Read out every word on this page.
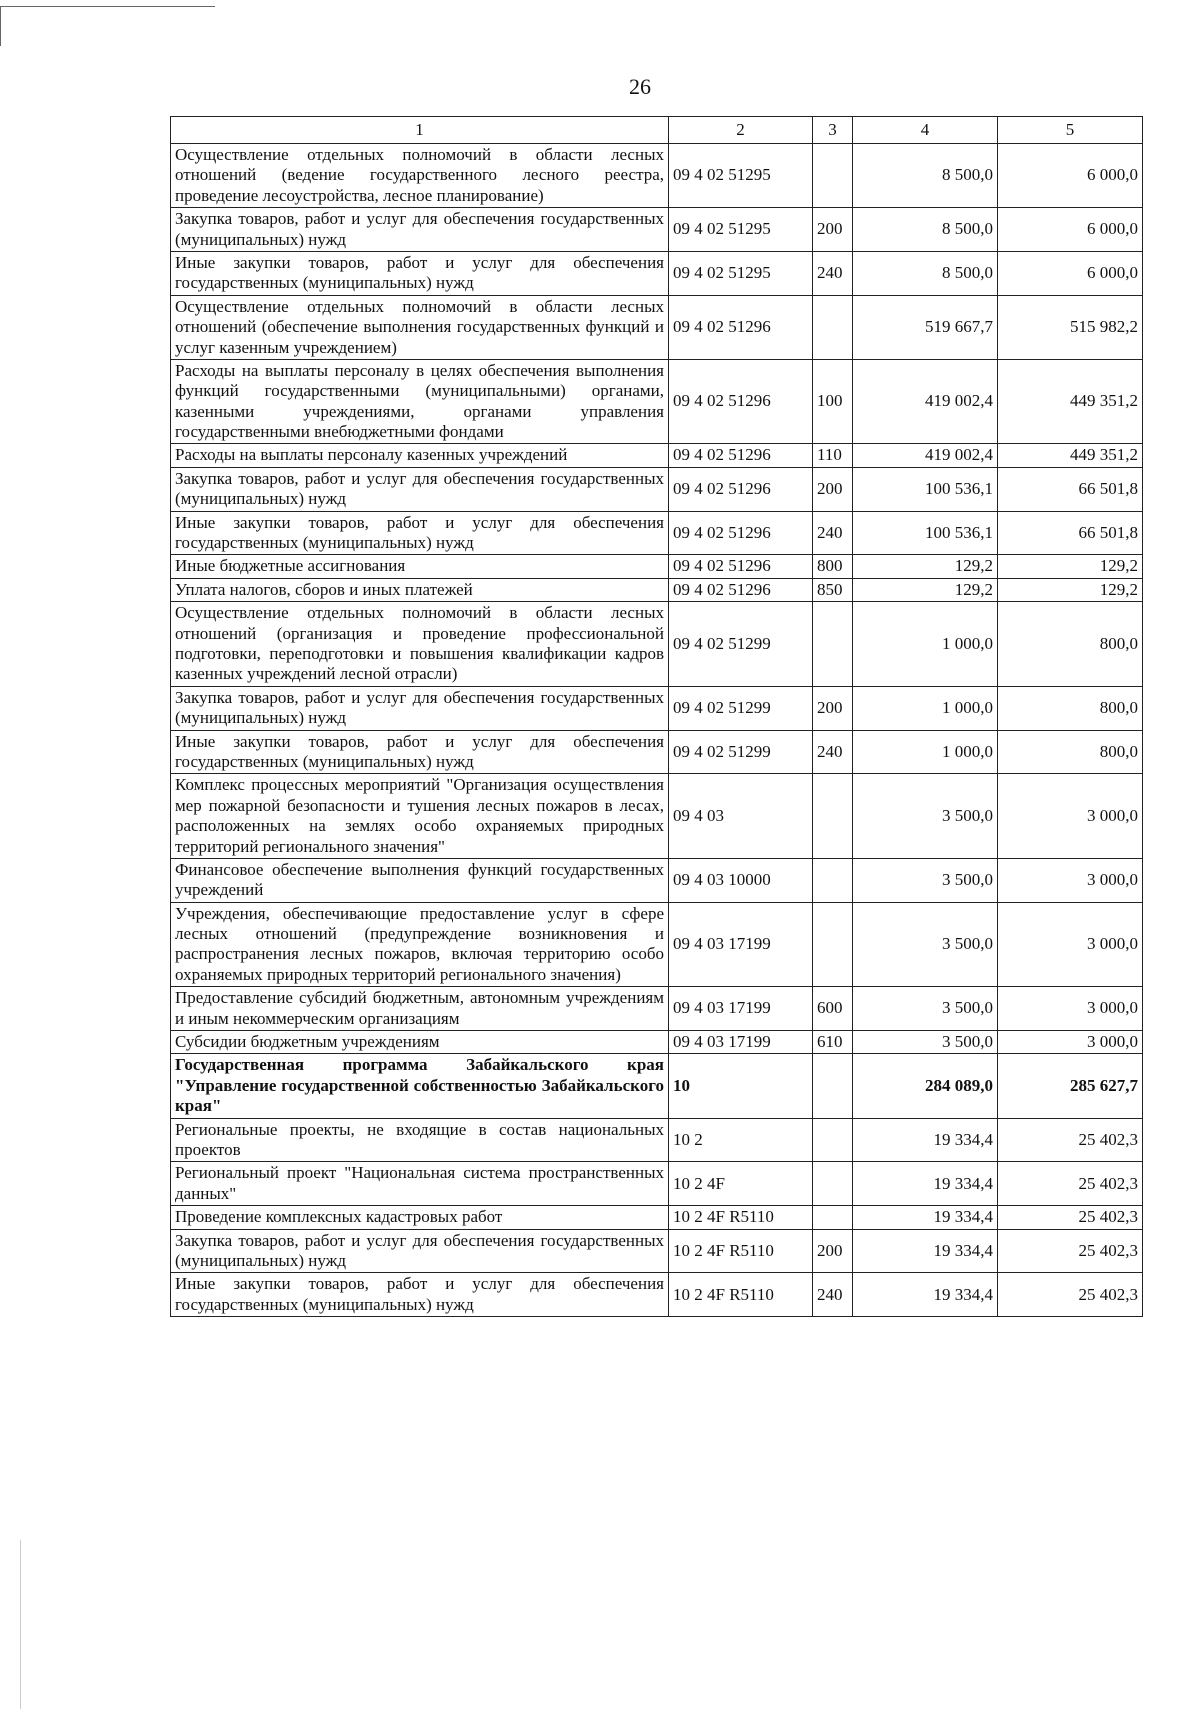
26
1	2	3	4	5
Осуществление отдельных полномочий в области лесных отношений (ведение государственного лесного реестра, проведение лесоустройства, лесное планирование)	09 4 02 51295		8 500,0	6 000,0
Закупка товаров, работ и услуг для обеспечения государственных (муниципальных) нужд	09 4 02 51295	200	8 500,0	6 000,0
Иные закупки товаров, работ и услуг для обеспечения государственных (муниципальных) нужд	09 4 02 51295	240	8 500,0	6 000,0
Осуществление отдельных полномочий в области лесных отношений (обеспечение выполнения государственных функций и услуг казенным учреждением)	09 4 02 51296		519 667,7	515 982,2
Расходы на выплаты персоналу в целях обеспечения выполнения функций государственными (муниципальными) органами, казенными учреждениями, органами управления государственными внебюджетными фондами	09 4 02 51296	100	419 002,4	449 351,2
Расходы на выплаты персоналу казенных учреждений	09 4 02 51296	110	419 002,4	449 351,2
Закупка товаров, работ и услуг для обеспечения государственных (муниципальных) нужд	09 4 02 51296	200	100 536,1	66 501,8
Иные закупки товаров, работ и услуг для обеспечения государственных (муниципальных) нужд	09 4 02 51296	240	100 536,1	66 501,8
Иные бюджетные ассигнования	09 4 02 51296	800	129,2	129,2
Уплата налогов, сборов и иных платежей	09 4 02 51296	850	129,2	129,2
Осуществление отдельных полномочий в области лесных отношений (организация и проведение профессиональной подготовки, переподготовки и повышения квалификации кадров казенных учреждений лесной отрасли)	09 4 02 51299		1 000,0	800,0
Закупка товаров, работ и услуг для обеспечения государственных (муниципальных) нужд	09 4 02 51299	200	1 000,0	800,0
Иные закупки товаров, работ и услуг для обеспечения государственных (муниципальных) нужд	09 4 02 51299	240	1 000,0	800,0
Комплекс процессных мероприятий "Организация осуществления мер пожарной безопасности и тушения лесных пожаров в лесах, расположенных на землях особо охраняемых природных территорий регионального значения"	09 4 03		3 500,0	3 000,0
Финансовое обеспечение выполнения функций государственных учреждений	09 4 03 10000		3 500,0	3 000,0
Учреждения, обеспечивающие предоставление услуг в сфере лесных отношений (предупреждение возникновения и распространения лесных пожаров, включая территорию особо охраняемых природных территорий регионального значения)	09 4 03 17199		3 500,0	3 000,0
Предоставление субсидий бюджетным, автономным учреждениям и иным некоммерческим организациям	09 4 03 17199	600	3 500,0	3 000,0
Субсидии бюджетным учреждениям	09 4 03 17199	610	3 500,0	3 000,0
Государственная программа Забайкальского края "Управление государственной собственностью Забайкальского края"	10		284 089,0	285 627,7
Региональные проекты, не входящие в состав национальных проектов	10 2		19 334,4	25 402,3
Региональный проект "Национальная система пространственных данных"	10 2 4F		19 334,4	25 402,3
Проведение комплексных кадастровых работ	10 2 4F R5110		19 334,4	25 402,3
Закупка товаров, работ и услуг для обеспечения государственных (муниципальных) нужд	10 2 4F R5110	200	19 334,4	25 402,3
Иные закупки товаров, работ и услуг для обеспечения государственных (муниципальных) нужд	10 2 4F R5110	240	19 334,4	25 402,3
